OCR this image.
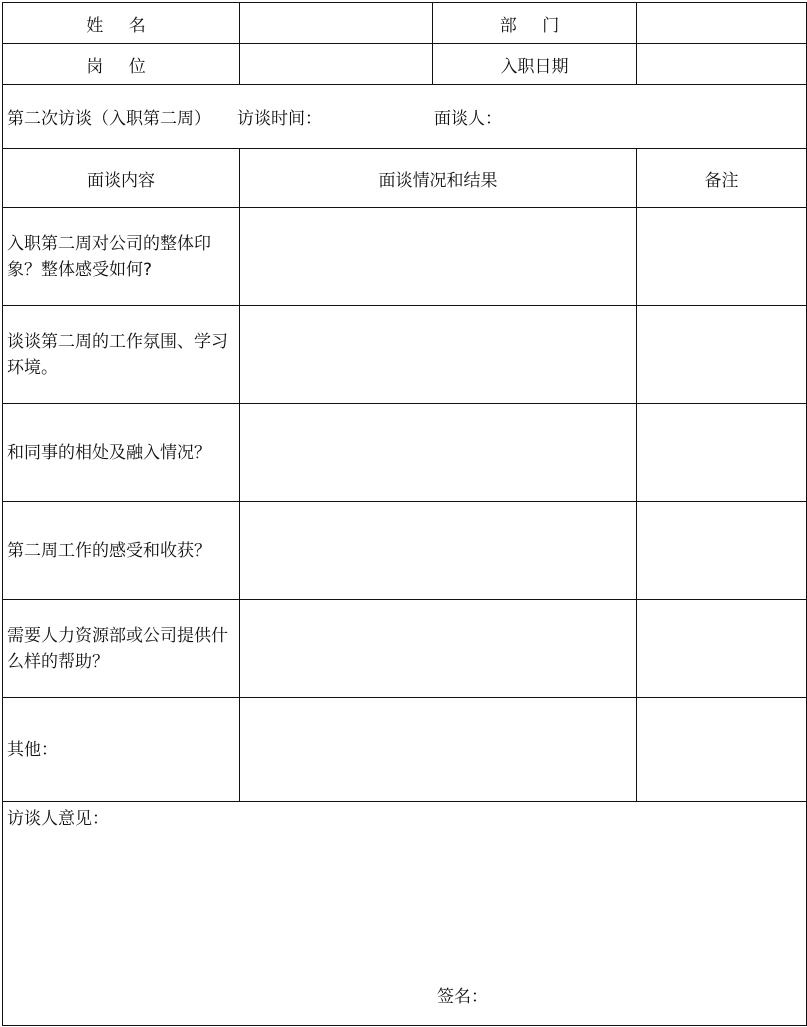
姓 名		部 门	
岗 位		入职日期	
第二次访谈（入职第二周） 访谈时间： 面谈人：			
面谈内容	面谈情况和结果		备注
入职第二周对公司的整体印象？整体感受如何?			
谈谈第二周的工作氛围、学习环境。			
和同事的相处及融入情况？			
第二周工作的感受和收获？			
需要人力资源部或公司提供什么样的帮助？			
其他：			

访谈人意见：
签名：			
